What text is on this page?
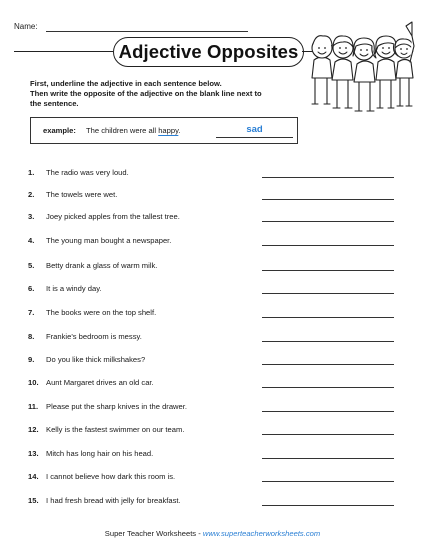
Name:
Adjective Opposites
First, underline the adjective in each sentence below.
Then write the opposite of the adjective on the blank line next to
the sentence.
example: The children were all happy.	sad
1.	The radio was very loud.
2.	The towels were wet.
3.	Joey picked apples from the tallest tree.
4.	The young man bought a newspaper.
5.	Betty drank a glass of warm milk.
6.	It is a windy day.
7.	The books were on the top shelf.
8.	Frankie's bedroom is messy.
9.	Do you like thick milkshakes?
10. Aunt Margaret drives an old car.
11. Please put the sharp knives in the drawer.
12. Kelly is the fastest swimmer on our team.
13. Mitch has long hair on his head.
14. I cannot believe how dark this room is.
15. I had fresh bread with jelly for breakfast.
Super Teacher Worksheets - www.superteacherworksheets.com
